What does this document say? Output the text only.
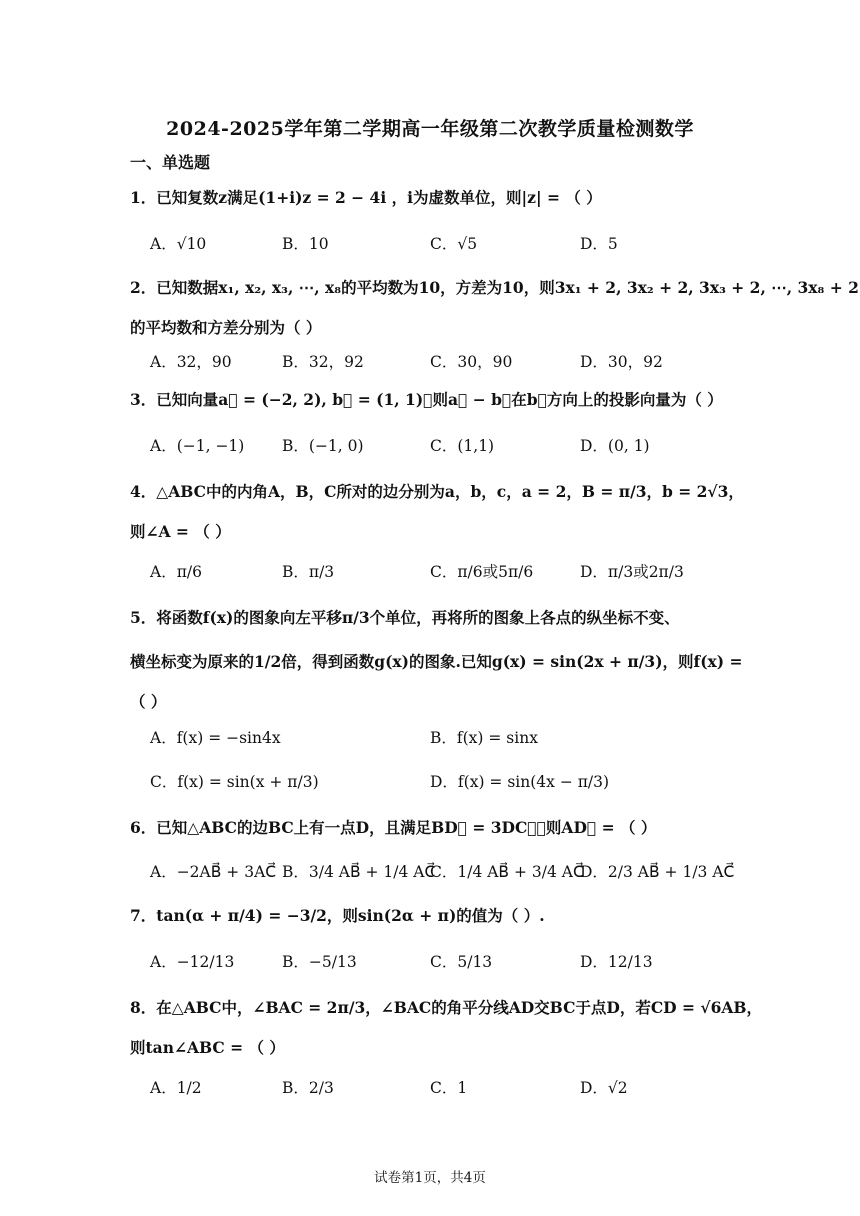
2024-2025学年第二学期高一年级第二次教学质量检测数学
一、单选题
1．已知复数z满足(1+i)z = 2 − 4i ，i为虚数单位，则|z| = （ ）
A．√10	B．10	C．√5	D．5
2．已知数据x₁, x₂, x₃, ⋯, x₈的平均数为10，方差为10，则3x₁ + 2, 3x₂ + 2, 3x₃ + 2, ⋯, 3x₈ + 2
的平均数和方差分别为（ ）
A．32，90	B．32，92	C．30，90	D．30，92
3．已知向量a⃗ = (−2, 2), b⃗ = (1, 1)，则a⃗ − b⃗在b⃗方向上的投影向量为（ ）
A．(−1, −1) B．(−1, 0)	C．(1,1)	D．(0, 1)
4．△ABC中的内角A，B，C所对的边分别为a，b，c，a = 2，B = π/3，b = 2√3，
则∠A = （ ）
A．π/6	B．π/3	C．π/6或5π/6	D．π/3或2π/3
5．将函数f(x)的图象向左平移π/3个单位，再将所的图象上各点的纵坐标不变、
横坐标变为原来的1/2倍，得到函数g(x)的图象.已知g(x) = sin(2x + π/3)，则f(x) =
（ ）
A．f(x) = −sin4x	B．f(x) = sinx
C．f(x) = sin(x + π/3)	D．f(x) = sin(4x − π/3)
6．已知△ABC的边BC上有一点D，且满足BD⃗ = 3DC⃗，则AD⃗ = （ ）
A．−2AB⃗ + 3AC⃗ B．3/4 AB⃗ + 1/4 AC⃗
C．1/4 AB⃗ + 3/4 AC⃗
D．2/3 AB⃗ + 1/3 AC⃗
7．tan(α + π/4) = −3/2，则sin(2α + π)的值为（ ）.
A．−12/13	B．−5/13	C．5/13	D．12/13
8．在△ABC中，∠BAC = 2π/3，∠BAC的角平分线AD交BC于点D，若CD = √6AB，
则tan∠ABC = （ ）
A．1/2	B．2/3	C．1	D．√2
试卷第1页，共4页
